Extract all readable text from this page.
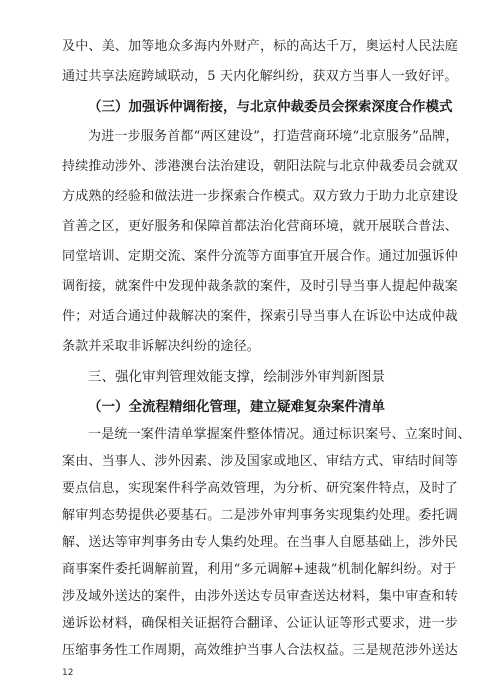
及中、美、加等地众多海内外财产，标的高达千万，奥运村人民法庭
通过共享法庭跨域联动，5 天内化解纠纷，获双方当事人一致好评。
（三）加强诉仲调衔接，与北京仲裁委员会探索深度合作模式
为进一步服务首都“两区建设”，打造营商环境“北京服务”品牌，
持续推动涉外、涉港澳台法治建设，朝阳法院与北京仲裁委员会就双
方成熟的经验和做法进一步探索合作模式。双方致力于助力北京建设
首善之区，更好服务和保障首都法治化营商环境，就开展联合普法、
同堂培训、定期交流、案件分流等方面事宜开展合作。通过加强诉仲
调衔接，就案件中发现仲裁条款的案件，及时引导当事人提起仲裁案
件；对适合通过仲裁解决的案件，探索引导当事人在诉讼中达成仲裁
条款并采取非诉解决纠纷的途径。
三、强化审判管理效能支撑，绘制涉外审判新图景
（一）全流程精细化管理，建立疑难复杂案件清单
一是统一案件清单掌握案件整体情况。通过标识案号、立案时间、
案由、当事人、涉外因素、涉及国家或地区、审结方式、审结时间等
要点信息，实现案件科学高效管理，为分析、研究案件特点，及时了
解审判态势提供必要基石。二是涉外审判事务实现集约处理。委托调
解、送达等审判事务由专人集约处理。在当事人自愿基础上，涉外民
商事案件委托调解前置，利用“多元调解+速裁”机制化解纠纷。对于
涉及域外送达的案件，由涉外送达专员审查送达材料，集中审查和转
递诉讼材料，确保相关证据符合翻译、公证认证等形式要求，进一步
压缩事务性工作周期，高效维护当事人合法权益。三是规范涉外送达
12
